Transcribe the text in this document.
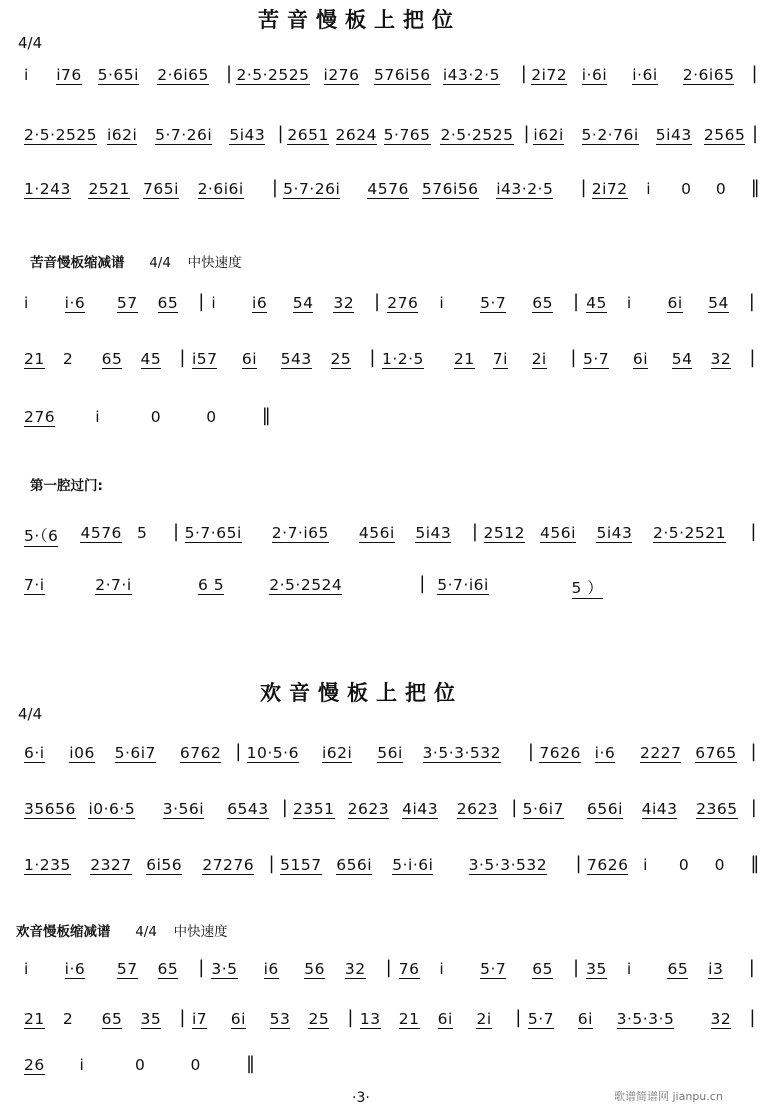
苦音慢板上把位
4/4
i i76 5·65i 2·6i65 | 2·5·2525 i276 576i56 i43·2·5 | 2i72 i·6i i·6i 2·6i65 |
2·5·2525 i62i 5·7·26i 5i43 | 2651 2624 5·765 2·5·2525 | i62i 5·2·76i 5i43 2565 |
1·243 2521 765i 2·6i6i | 5·7·26i 4576 576i56 i43·2·5 | 2i72 i 0 0 ‖
苦音慢板缩减谱 4/4 中快速度
i i·6 57 65 | i i6 54 32 | 276 i 5·7 65 | 45 i 6i 54 |
21 2 65 45 | i57 6i 543 25 | 1·2·5 21 7i 2i | 5·7 6i 54 32 |
276	i	0	0	‖
第一腔过门:
5·（6 4576 5 | 5·7·65i 2·7·i65 456i 5i43 | 2512 456i 5i43 2·5·2521 |
7·i	2·7·i	6 5	2·5·2524	| 5·7·i6i	5 ）
欢音慢板上把位
4/4
6·i i06 5·6i7 6762 | 10·5·6 i62i 56i 3·5·3·532 | 7626 i·6 2227 6765 |
35656 i0·6·5 3·56i 6543 | 2351 2623 4i43 2623 | 5·6i7 656i 4i43 2365 |
1·235 2327 6i56 27276 | 5157 656i 5·i·6i 3·5·3·532 | 7626 i 0 0 ‖
欢音慢板缩减谱 4/4 中快速度
i i·6 57 65 | 3·5 i6 56 32 | 76 i 5·7 65 | 35 i 65 i3 |
21 2 65 35 | i7 6i 53 25 | 13 21 6i 2i | 5·7 6i 3·5·3·5 32 |
26 i	0	0	‖
·3·	歌谱简谱网 jianpu.cn
